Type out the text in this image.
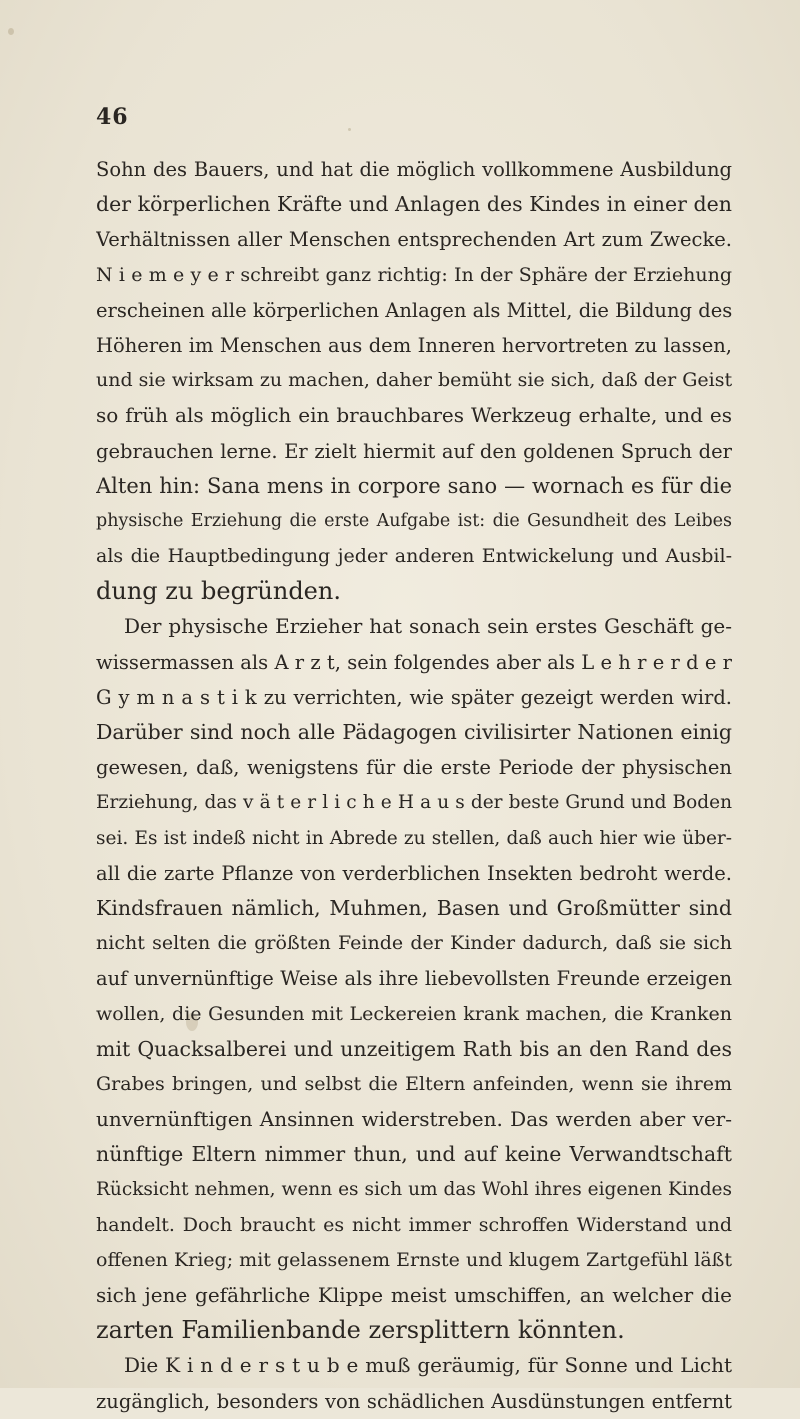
46
Sohn des Bauers, und hat die möglich vollkommene Ausbildung
der körperlichen Kräfte und Anlagen des Kindes in einer den
Verhältnissen aller Menschen entsprechenden Art zum Zwecke.
N i e m e y e r schreibt ganz richtig: In der Sphäre der Erziehung
erscheinen alle körperlichen Anlagen als Mittel, die Bildung des
Höheren im Menschen aus dem Inneren hervortreten zu lassen,
und sie wirksam zu machen, daher bemüht sie sich, daß der Geist
so früh als möglich ein brauchbares Werkzeug erhalte, und es
gebrauchen lerne. Er zielt hiermit auf den goldenen Spruch der
Alten hin: Sana mens in corpore sano — wornach es für die
physische Erziehung die erste Aufgabe ist: die Gesundheit des Leibes
als die Hauptbedingung jeder anderen Entwickelung und Ausbil-
dung zu begründen.
Der physische Erzieher hat sonach sein erstes Geschäft ge-
wissermassen als A r z t, sein folgendes aber als L e h r e r d e r
G y m n a s t i k zu verrichten, wie später gezeigt werden wird.
Darüber sind noch alle Pädagogen civilisirter Nationen einig
gewesen, daß, wenigstens für die erste Periode der physischen
Erziehung, das v ä t e r l i c h e H a u s der beste Grund und Boden
sei. Es ist indeß nicht in Abrede zu stellen, daß auch hier wie über-
all die zarte Pflanze von verderblichen Insekten bedroht werde.
Kindsfrauen nämlich, Muhmen, Basen und Großmütter sind
nicht selten die größten Feinde der Kinder dadurch, daß sie sich
auf unvernünftige Weise als ihre liebevollsten Freunde erzeigen
wollen, die Gesunden mit Leckereien krank machen, die Kranken
mit Quacksalberei und unzeitigem Rath bis an den Rand des
Grabes bringen, und selbst die Eltern anfeinden, wenn sie ihrem
unvernünftigen Ansinnen widerstreben. Das werden aber ver-
nünftige Eltern nimmer thun, und auf keine Verwandtschaft
Rücksicht nehmen, wenn es sich um das Wohl ihres eigenen Kindes
handelt. Doch braucht es nicht immer schroffen Widerstand und
offenen Krieg; mit gelassenem Ernste und klugem Zartgefühl läßt
sich jene gefährliche Klippe meist umschiffen, an welcher die
zarten Familienbande zersplittern könnten.
Die K i n d e r s t u b e muß geräumig, für Sonne und Licht
zugänglich, besonders von schädlichen Ausdünstungen entfernt
